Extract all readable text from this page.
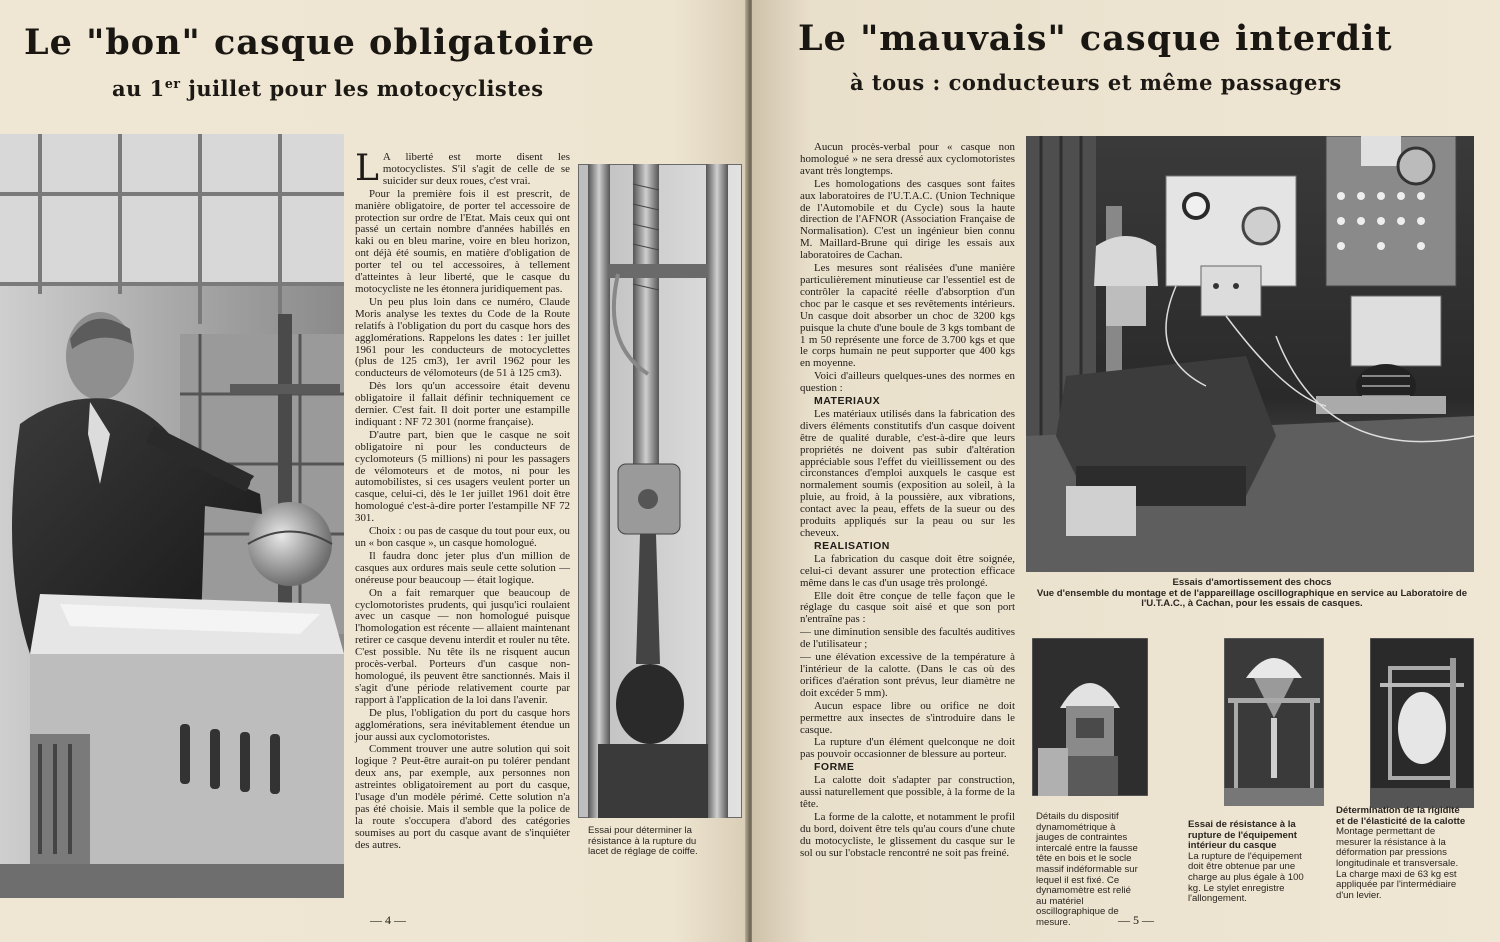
Le "bon" casque obligatoire
au 1er juillet pour les motocyclistes

L A liberté est morte disent les motocyclistes. S'il s'agit de celle de se suicider sur deux roues, c'est vrai.

Pour la première fois il est prescrit, de manière obligatoire, de porter tel accessoire de protection sur ordre de l'Etat. Mais ceux qui ont passé un certain nombre d'années habillés en kaki ou en bleu marine, voire en bleu horizon, ont déjà été soumis, en matière d'obligation de porter tel ou tel accessoires, à tellement d'atteintes à leur liberté, que le casque du motocycliste ne les étonnera juridiquement pas.

Un peu plus loin dans ce numéro, Claude Moris analyse les textes du Code de la Route relatifs à l'obligation du port du casque hors des agglomérations. Rappelons les dates : 1er juillet 1961 pour les conducteurs de motocyclettes (plus de 125 cm3), 1er avril 1962 pour les conducteurs de vélomoteurs (de 51 à 125 cm3).

Dès lors qu'un accessoire était devenu obligatoire il fallait définir techniquement ce dernier. C'est fait. Il doit porter une estampille indiquant : NF 72 301 (norme française).

D'autre part, bien que le casque ne soit obligatoire ni pour les conducteurs de cyclomoteurs (5 millions) ni pour les passagers de vélomoteurs et de motos, ni pour les automobilistes, si ces usagers veulent porter un casque, celui-ci, dès le 1er juillet 1961 doit être homologué c'est-à-dire porter l'estampille NF 72 301.

Choix : ou pas de casque du tout pour eux, ou un « bon casque », un casque homologué.

Il faudra donc jeter plus d'un million de casques aux ordures mais seule cette solution — onéreuse pour beaucoup — était logique.

On a fait remarquer que beaucoup de cyclomotoristes prudents, qui jusqu'ici roulaient avec un casque — non homologué puisque l'homologation est récente — allaient maintenant retirer ce casque devenu interdit et rouler nu tête. C'est possible. Nu tête ils ne risquent aucun procès-verbal. Porteurs d'un casque non-homologué, ils peuvent être sanctionnés. Mais il s'agit d'une période relativement courte par rapport à l'application de la loi dans l'avenir.

De plus, l'obligation du port du casque hors agglomérations, sera inévitablement étendue un jour aussi aux cyclomotoristes.

Comment trouver une autre solution qui soit logique ? Peut-être aurait-on pu tolérer pendant deux ans, par exemple, aux personnes non astreintes obligatoirement au port du casque, l'usage d'un modèle périmé. Cette solution n'a pas été choisie. Mais il semble que la police de la route s'occupera d'abord des catégories soumises au port du casque avant de s'inquiéter des autres.

Essai pour déterminer la résistance à la rupture du lacet de réglage de coiffe.
— 4 —
Le "mauvais" casque interdit
à tous : conducteurs et même passagers

Aucun procès-verbal pour « casque non homologué » ne sera dressé aux cyclomotoristes avant très longtemps.

Les homologations des casques sont faites aux laboratoires de l'U.T.A.C. (Union Technique de l'Automobile et du Cycle) sous la haute direction de l'AFNOR (Association Française de Normalisation). C'est un ingénieur bien connu M. Maillard-Brune qui dirige les essais aux laboratoires de Cachan.

Les mesures sont réalisées d'une manière particulièrement minutieuse car l'essentiel est de contrôler la capacité réelle d'absorption d'un choc par le casque et ses revêtements intérieurs. Un casque doit absorber un choc de 3200 kgs puisque la chute d'une boule de 3 kgs tombant de 1 m 50 représente une force de 3.700 kgs et que le corps humain ne peut supporter que 400 kgs en moyenne.

Voici d'ailleurs quelques-unes des normes en question :

MATERIAUX

Les matériaux utilisés dans la fabrication des divers éléments constitutifs d'un casque doivent être de qualité durable, c'est-à-dire que leurs propriétés ne doivent pas subir d'altération appréciable sous l'effet du vieillissement ou des circonstances d'emploi auxquels le casque est normalement soumis (exposition au soleil, à la pluie, au froid, à la poussière, aux vibrations, contact avec la peau, effets de la sueur ou des produits appliqués sur la peau ou sur les cheveux.

REALISATION

La fabrication du casque doit être soignée, celui-ci devant assurer une protection efficace même dans le cas d'un usage très prolongé.

Elle doit être conçue de telle façon que le réglage du casque soit aisé et que son port n'entraîne pas :

— une diminution sensible des facultés auditives de l'utilisateur ;

— une élévation excessive de la température à l'intérieur de la calotte. (Dans le cas où des orifices d'aération sont prévus, leur diamètre ne doit excéder 5 mm).

Aucun espace libre ou orifice ne doit permettre aux insectes de s'introduire dans le casque.

La rupture d'un élément quelconque ne doit pas pouvoir occasionner de blessure au porteur.

FORME

La calotte doit s'adapter par construction, aussi naturellement que possible, à la forme de la tête.

La forme de la calotte, et notamment le profil du bord, doivent être tels qu'au cours d'une chute du motocycliste, le glissement du casque sur le sol ou sur l'obstacle rencontré ne soit pas freiné.

Essais d'amortissement des chocs
Vue d'ensemble du montage et de l'appareillage oscillographique en service au Laboratoire de l'U.T.A.C., à Cachan, pour les essais de casques.
Détails du dispositif dynamométrique à jauges de contraintes intercalé entre la fausse tête en bois et le socle massif indéformable sur lequel il est fixé. Ce dynamomètre est relié au matériel oscillographique de mesure.
Essai de résistance à la rupture de l'équipement intérieur du casque
La rupture de l'équipement doit être obtenue par une charge au plus égale à 100 kg. Le stylet enregistre l'allongement.
Détermination de la rigidité et de l'élasticité de la calotte
Montage permettant de mesurer la résistance à la déformation par pressions longitudinale et transversale. La charge maxi de 63 kg est appliquée par l'intermédiaire d'un levier.
— 5 —
